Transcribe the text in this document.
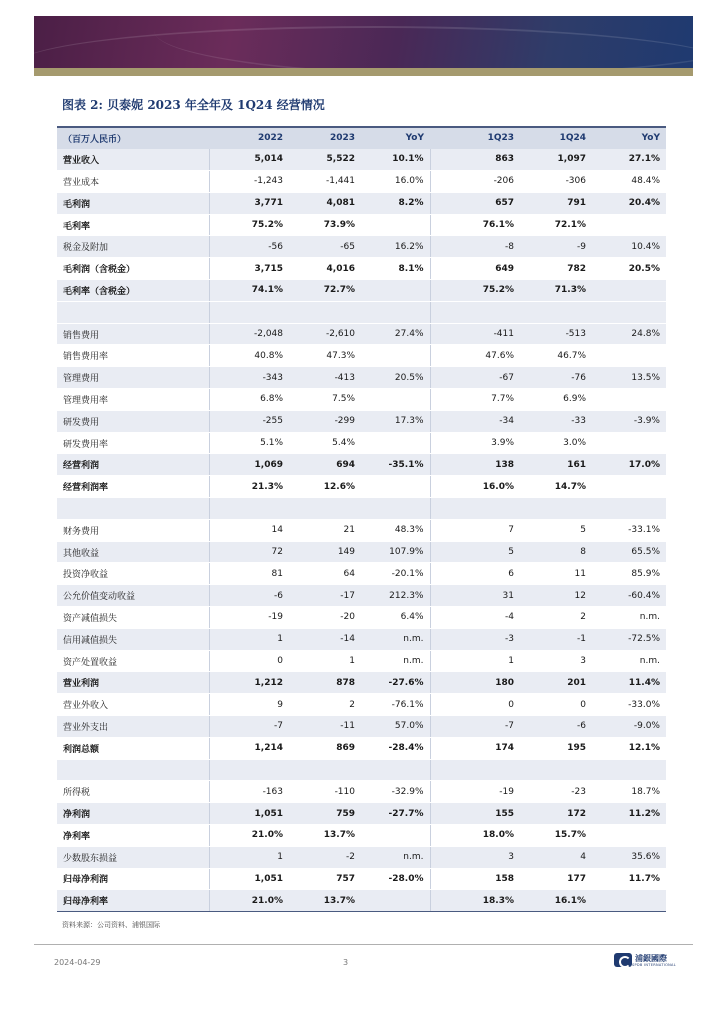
图表 2: 贝泰妮 2023 年全年及 1Q24 经营情况
（百万人民币）	2022	2023	YoY		1Q23	1Q24	YoY
营业收入	5,014	5,522	10.1%		863	1,097	27.1%
营业成本	-1,243	-1,441	16.0%		-206	-306	48.4%
毛利润	3,771	4,081	8.2%		657	791	20.4%
毛利率	75.2%	73.9%			76.1%	72.1%	
税金及附加	-56	-65	16.2%		-8	-9	10.4%
毛利润（含税金）	3,715	4,016	8.1%		649	782	20.5%
毛利率（含税金）	74.1%	72.7%			75.2%	71.3%	

销售费用	-2,048	-2,610	27.4%		-411	-513	24.8%
销售费用率	40.8%	47.3%			47.6%	46.7%	
管理费用	-343	-413	20.5%		-67	-76	13.5%
管理费用率	6.8%	7.5%			7.7%	6.9%	
研发费用	-255	-299	17.3%		-34	-33	-3.9%
研发费用率	5.1%	5.4%			3.9%	3.0%	
经营利润	1,069	694	-35.1%		138	161	17.0%
经营利润率	21.3%	12.6%			16.0%	14.7%	

财务费用	14	21	48.3%		7	5	-33.1%
其他收益	72	149	107.9%		5	8	65.5%
投资净收益	81	64	-20.1%		6	11	85.9%
公允价值变动收益	-6	-17	212.3%		31	12	-60.4%
资产减值损失	-19	-20	6.4%		-4	2	n.m.
信用减值损失	1	-14	n.m.		-3	-1	-72.5%
资产处置收益	0	1	n.m.		1	3	n.m.
营业利润	1,212	878	-27.6%		180	201	11.4%
营业外收入	9	2	-76.1%		0	0	-33.0%
营业外支出	-7	-11	57.0%		-7	-6	-9.0%
利润总额	1,214	869	-28.4%		174	195	12.1%

所得税	-163	-110	-32.9%		-19	-23	18.7%
净利润	1,051	759	-27.7%		155	172	11.2%
净利率	21.0%	13.7%			18.0%	15.7%	
少数股东损益	1	-2	n.m.		3	4	35.6%
归母净利润	1,051	757	-28.0%		158	177	11.7%
归母净利率	21.0%	13.7%			18.3%	16.1%	
资料来源：公司资料、浦银国际
2024-04-29	3	浦銀國際
SPDB INTERNATIONAL
